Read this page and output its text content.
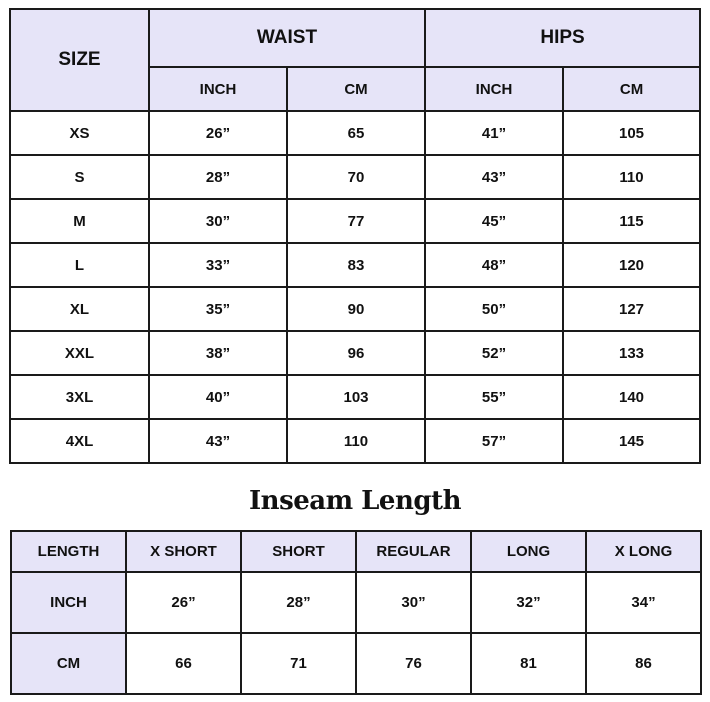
SIZE	WAIST		HIPS	
	INCH	CM	INCH	CM
XS	26”	65	41”	105
S	28”	70	43”	110
M	30”	77	45”	115
L	33”	83	48”	120
XL	35”	90	50”	127
XXL	38”	96	52”	133
3XL	40”	103	55”	140
4XL	43”	110	57”	145
Inseam Length
LENGTH	X SHORT	SHORT	REGULAR	LONG	X LONG
INCH	26”	28”	30”	32”	34”
CM	66	71	76	81	86
